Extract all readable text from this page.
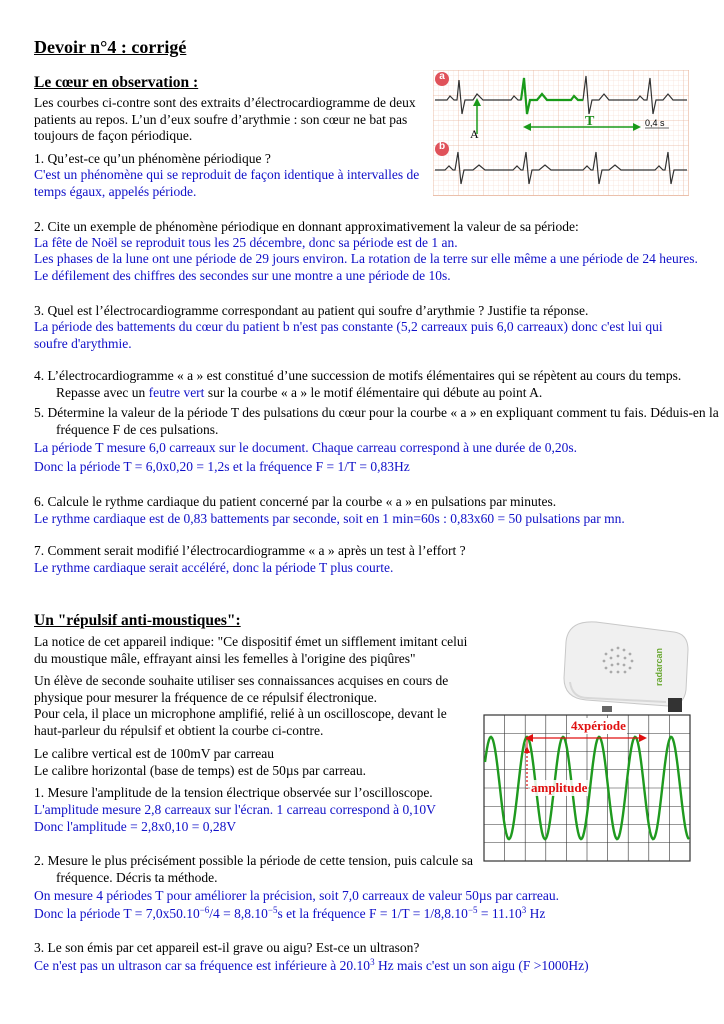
Devoir n°4 : corrigé
Le cœur en observation :
Les courbes ci-contre sont des extraits d’électrocardiogramme de deux patients au repos. L’un d’eux soufre d’arythmie : son cœur ne bat pas toujours de façon périodique.
1. Qu’est-ce qu’un phénomène périodique ?
C'est un phénomène qui se reproduit de façon identique à intervalles de temps égaux, appelés période.
2. Cite un exemple de phénomène périodique en donnant approximativement la valeur de sa période:
La fête de Noël se reproduit tous les 25 décembre, donc sa période est de 1 an.
Les phases de la lune ont une période de 29 jours environ. La rotation de la terre sur elle même a une période de 24 heures. Le défilement des chiffres des secondes sur une montre a une période de 10s.
3. Quel est l’électrocardiogramme correspondant au patient qui soufre d’arythmie ? Justifie ta réponse.
La période des battements du cœur du patient b n'est pas constante (5,2 carreaux puis 6,0 carreaux) donc c'est lui qui soufre d'arythmie.
4. L’électrocardiogramme « a » est constitué d’une succession de motifs élémentaires qui se répètent au cours du temps. Repasse avec un feutre vert sur la courbe « a » le motif élémentaire qui débute au point A.
5. Détermine la valeur de la période T des pulsations du cœur pour la courbe « a » en expliquant comment tu fais. Déduis-en la fréquence F de ces pulsations.
La période T mesure 6,0 carreaux sur le document. Chaque carreau correspond à une durée de 0,20s.
Donc la période T = 6,0x0,20 = 1,2s et la fréquence F = 1/T = 0,83Hz
6. Calcule le rythme cardiaque du patient concerné par la courbe « a » en pulsations par minutes.
Le rythme cardiaque est de 0,83 battements par seconde, soit en 1 min=60s : 0,83x60 = 50 pulsations par mn.
7. Comment serait modifié l’électrocardiogramme « a » après un test à l’effort ?
Le rythme cardiaque serait accéléré, donc la période T plus courte.
a
b
A
T	0,4 s
Un "répulsif anti-moustiques":
La notice de cet appareil indique: "Ce dispositif émet un sifflement imitant celui du moustique mâle, effrayant ainsi les femelles à l'origine des piqûres"
Un élève de seconde souhaite utiliser ses connaissances acquises en cours de physique pour mesurer la fréquence de ce répulsif électronique.
Pour cela, il place un microphone amplifié, relié à un oscilloscope, devant le haut-parleur du répulsif et obtient la courbe ci-contre.
Le calibre vertical est de 100mV par carreau
Le calibre horizontal (base de temps) est de 50µs par carreau.
1. Mesure l'amplitude de la tension électrique observée sur l’oscilloscope.
L'amplitude mesure 2,8 carreaux sur l'écran. 1 carreau correspond à 0,10V
Donc l'amplitude = 2,8x0,10 = 0,28V
2. Mesure le plus précisément possible la période de cette tension, puis calcule sa fréquence. Décris ta méthode.
On mesure 4 périodes T pour améliorer la précision, soit 7,0 carreaux de valeur 50µs par carreau.
Donc la période $T = 7,0x50.10^{-6}/4 = 8,8.10^{-5}s$ et la fréquence $F = 1/T = 1/8,8.10^{-5} = 11.10^3$ Hz
3. Le son émis par cet appareil est-il grave ou aigu? Est-ce un ultrason?
Ce n'est pas un ultrason car sa fréquence est inférieure à 20.10$^3$ Hz mais c'est un son aigu (F >1000Hz)
radarcan
4xpériode
amplitude
